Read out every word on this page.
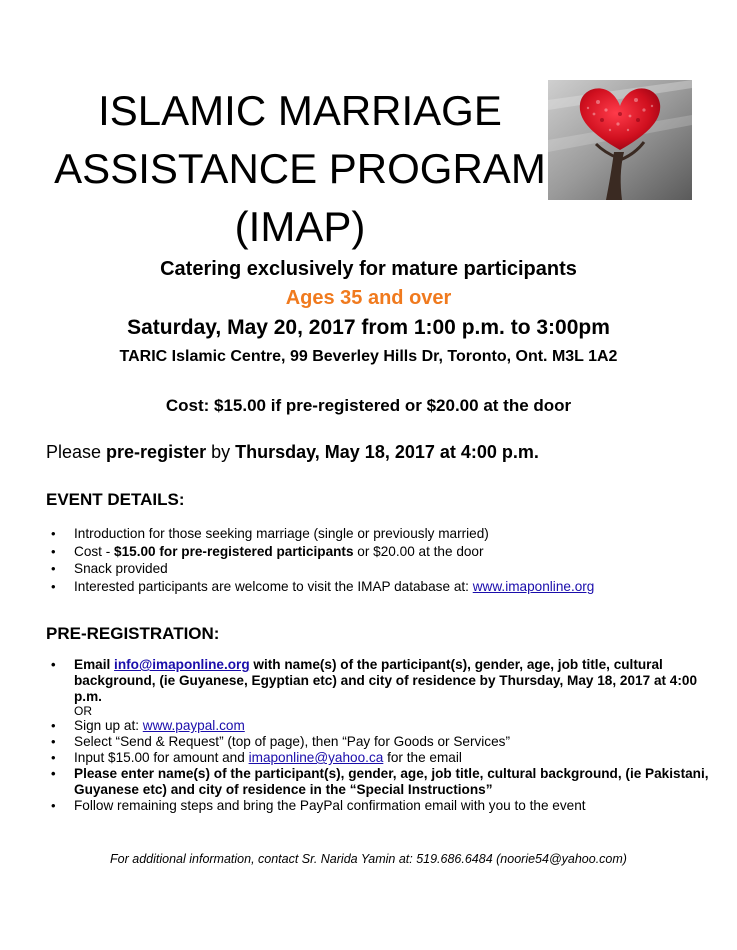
ISLAMIC MARRIAGE
ASSISTANCE PROGRAM
(IMAP)
Catering exclusively for mature participants
Ages 35 and over
Saturday, May 20, 2017 from 1:00 p.m. to 3:00pm
TARIC Islamic Centre, 99 Beverley Hills Dr, Toronto, Ont. M3L 1A2
Cost: $15.00 if pre-registered or $20.00 at the door
Please pre-register by Thursday, May 18, 2017 at 4:00 p.m.
EVENT DETAILS:
• Introduction for those seeking marriage (single or previously married)
• Cost - $15.00 for pre-registered participants or $20.00 at the door
• Snack provided
• Interested participants are welcome to visit the IMAP database at: www.imaponline.org
PRE-REGISTRATION:
• Email info@imaponline.org with name(s) of the participant(s), gender, age, job title, cultural background, (ie Guyanese, Egyptian etc) and city of residence by Thursday, May 18, 2017 at 4:00 p.m.
OR
• Sign up at: www.paypal.com
• Select “Send & Request” (top of page), then “Pay for Goods or Services”
• Input $15.00 for amount and imaponline@yahoo.ca for the email
• Please enter name(s) of the participant(s), gender, age, job title, cultural background, (ie Pakistani, Guyanese etc) and city of residence in the “Special Instructions”
• Follow remaining steps and bring the PayPal confirmation email with you to the event
For additional information, contact Sr. Narida Yamin at: 519.686.6484 (noorie54@yahoo.com)
